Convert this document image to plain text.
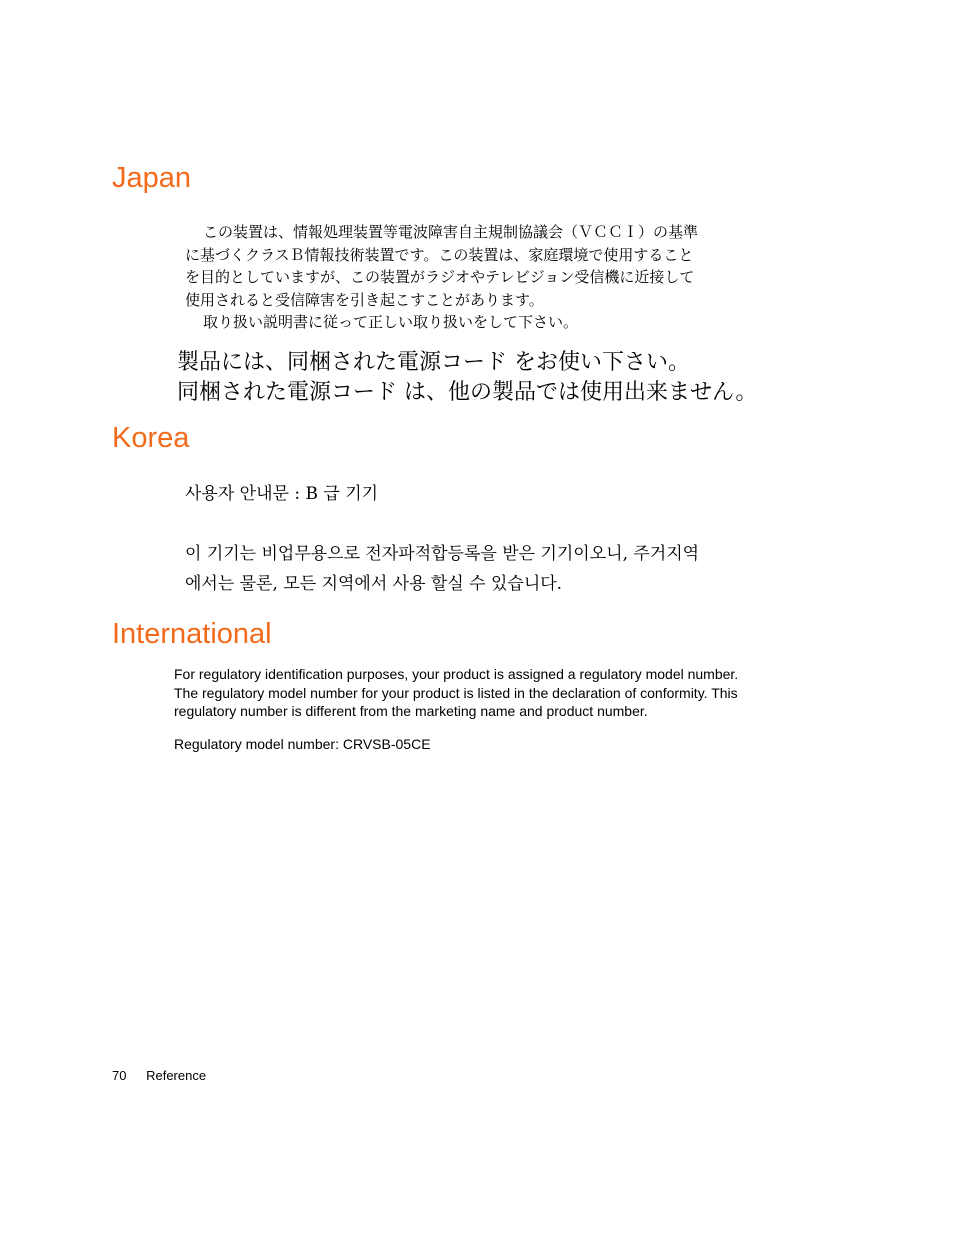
Japan
この装置は、情報処理装置等電波障害自主規制協議会（ＶＣＣＩ）の基準
に基づくクラスＢ情報技術装置です。この装置は、家庭環境で使用すること
を目的としていますが、この装置がラジオやテレビジョン受信機に近接して
使用されると受信障害を引き起こすことがあります。
取り扱い説明書に従って正しい取り扱いをして下さい。
製品には、同梱された電源コード をお使い下さい。
同梱された電源コード は、他の製品では使用出来ません。
Korea
사용자 안내문 : B 급 기기
이 기기는 비업무용으로 전자파적합등록을 받은 기기이오니, 주거지역
에서는 물론, 모든 지역에서 사용 할실 수 있습니다.
International

For regulatory identification purposes, your product is assigned a regulatory model number.
The regulatory model number for your product is listed in the declaration of conformity. This
regulatory number is different from the marketing name and product number.

Regulatory model number: CRVSB-05CE

70 Reference
